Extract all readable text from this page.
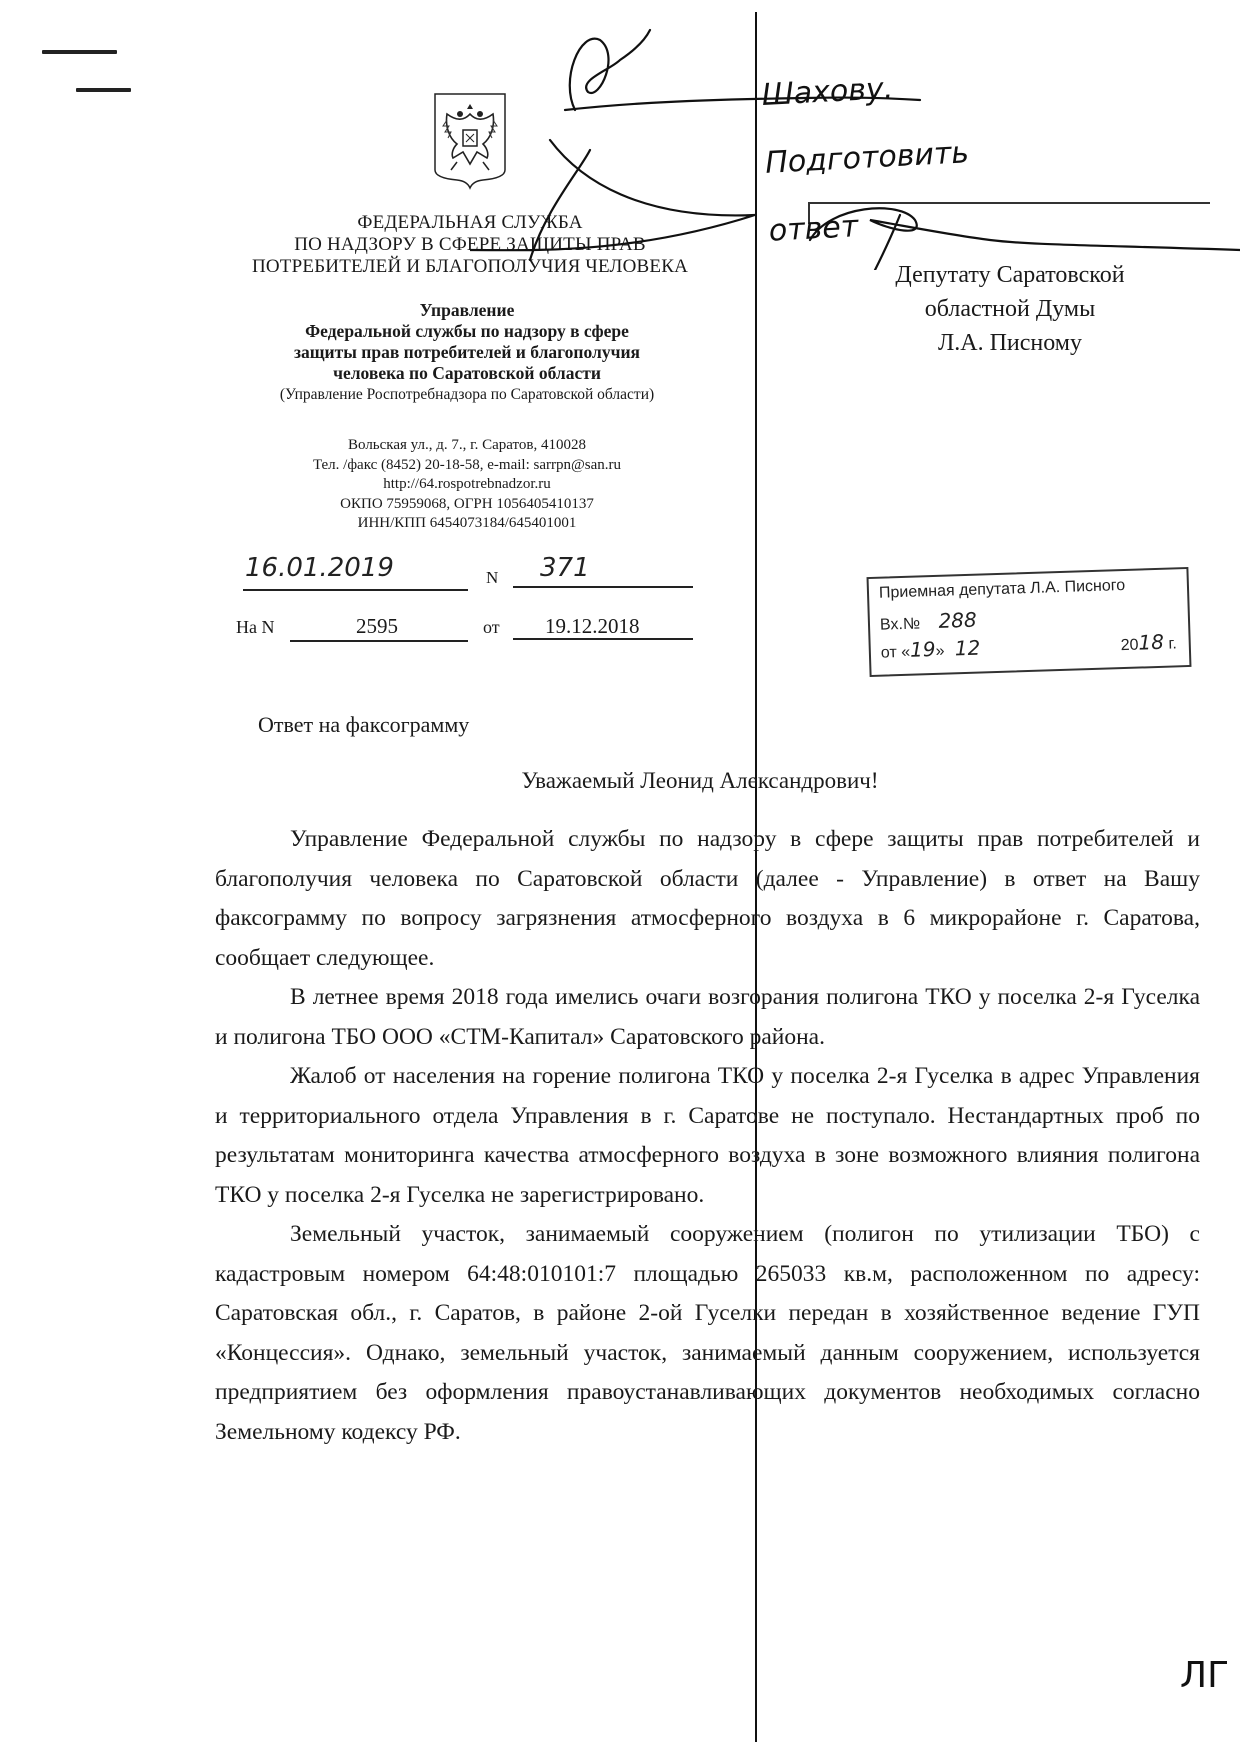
ФЕДЕРАЛЬНАЯ СЛУЖБА
ПО НАДЗОРУ В СФЕРЕ ЗАЩИТЫ ПРАВ
ПОТРЕБИТЕЛЕЙ И БЛАГОПОЛУЧИЯ ЧЕЛОВЕКА
Управление
Федеральной службы по надзору в сфере
защиты прав потребителей и благополучия
человека по Саратовской области
(Управление Роспотребнадзора по Саратовской области)
Вольская ул., д. 7., г. Саратов, 410028
Тел. /факс (8452) 20-18-58, e-mail: sarrpn@san.ru
http://64.rospotrebnadzor.ru
ОКПО 75959068, ОГРН 1056405410137
ИНН/КПП 6454073184/645401001
16.01.2019	N 371
На N	2595	от 19.12.2018
Депутату Саратовской
областной Думы
Л.А. Писному
Приемная депутата Л.А. Писного
Вх.№ 288
от «19» 12	2018 г.
Шахову. Подготовить ответ
Ответ на факсограмму
Уважаемый Леонид Александрович!

Управление Федеральной службы по надзору в сфере защиты прав потребителей и благополучия человека по Саратовской области (далее - Управление) в ответ на Вашу факсограмму по вопросу загрязнения атмосферного воздуха в 6 микрорайоне г. Саратова, сообщает следующее.

В летнее время 2018 года имелись очаги возгорания полигона ТКО у поселка 2-я Гуселка и полигона ТБО ООО «СТМ-Капитал» Саратовского района.

Жалоб от населения на горение полигона ТКО у поселка 2-я Гуселка в адрес Управления и территориального отдела Управления в г. Саратове не поступало. Нестандартных проб по результатам мониторинга качества атмосферного воздуха в зоне возможного влияния полигона ТКО у поселка 2-я Гуселка не зарегистрировано.

Земельный участок, занимаемый сооружением (полигон по утилизации ТБО) с кадастровым номером 64:48:010101:7 площадью 265033 кв.м, расположенном по адресу: Саратовская обл., г. Саратов, в районе 2-ой Гуселки передан в хозяйственное ведение ГУП «Концессия». Однако, земельный участок, занимаемый данным сооружением, используется предприятием без оформления правоустанавливающих документов необходимых согласно Земельному кодексу РФ.

ЛГ
